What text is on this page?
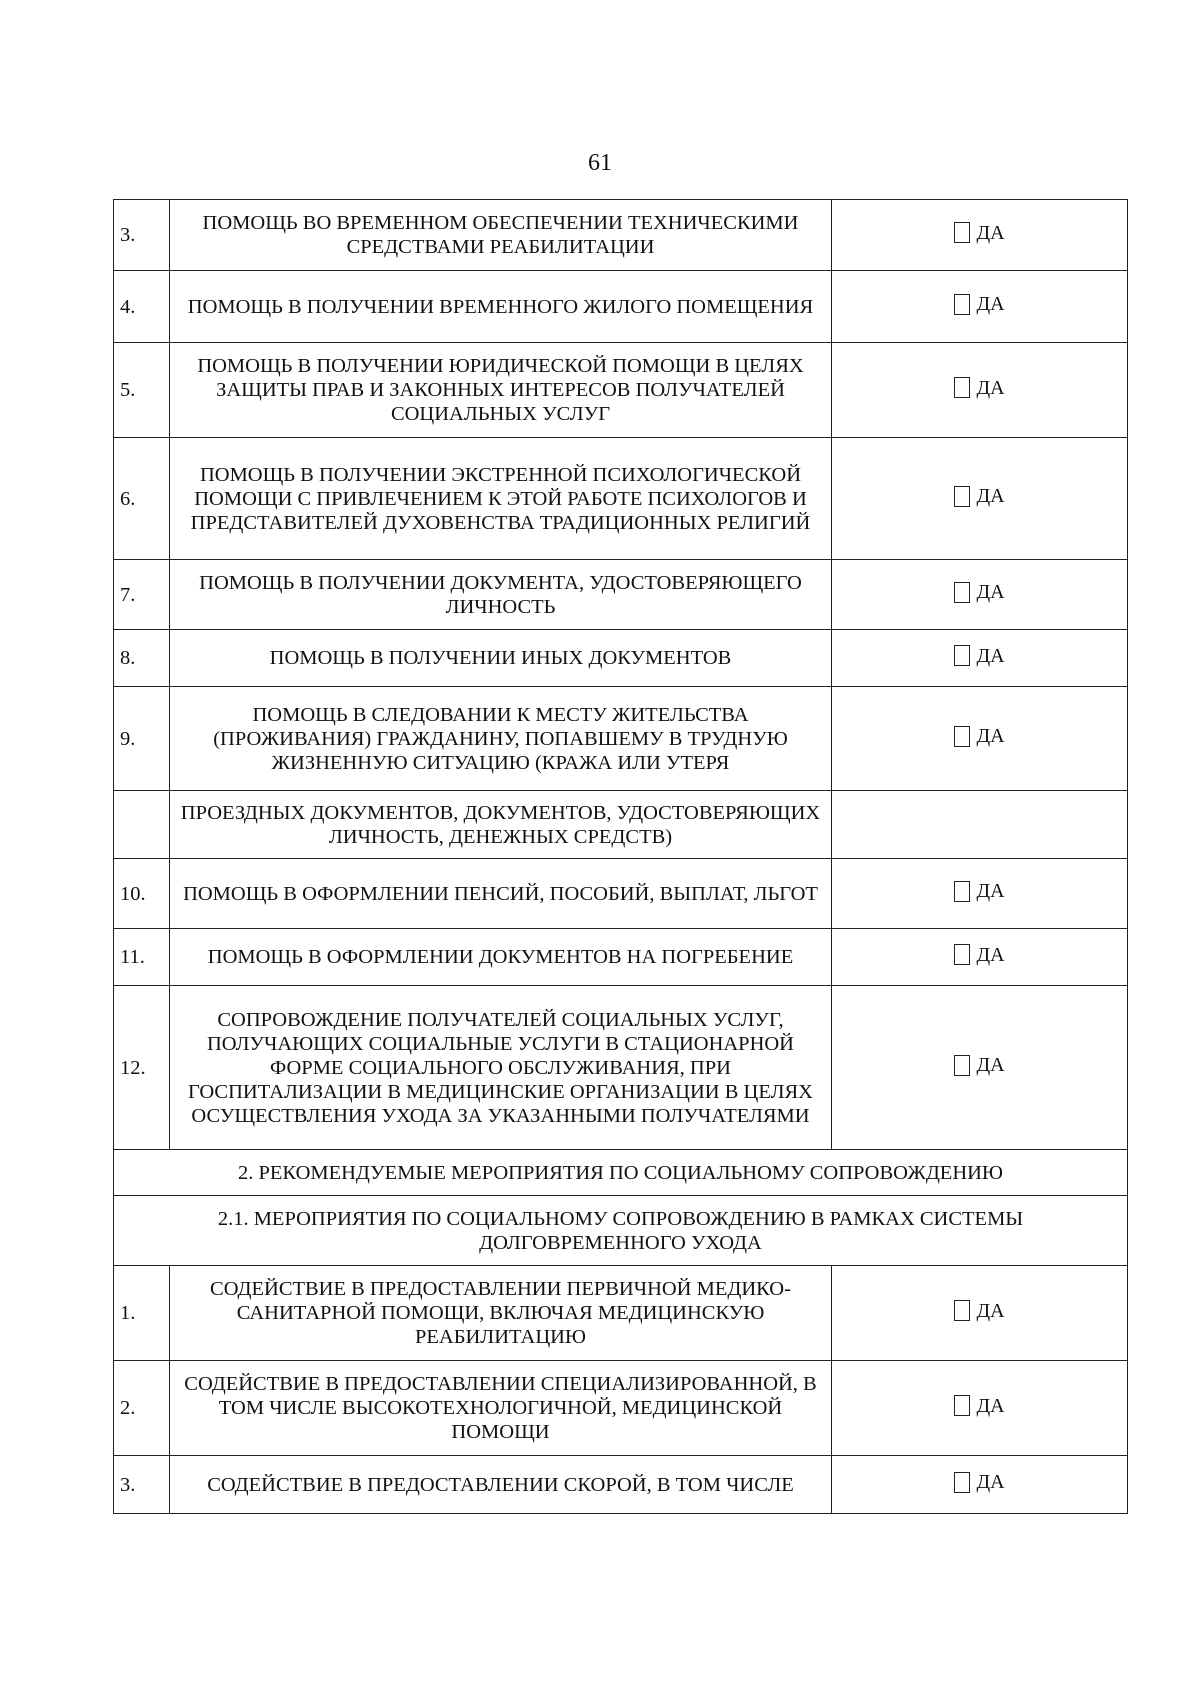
61
3.	ПОМОЩЬ ВО ВРЕМЕННОМ ОБЕСПЕЧЕНИИ ТЕХНИЧЕСКИМИ СРЕДСТВАМИ РЕАБИЛИТАЦИИ	ДА

4.	ПОМОЩЬ В ПОЛУЧЕНИИ ВРЕМЕННОГО ЖИЛОГО ПОМЕЩЕНИЯ	ДА

5.	ПОМОЩЬ В ПОЛУЧЕНИИ ЮРИДИЧЕСКОЙ ПОМОЩИ В ЦЕЛЯХ ЗАЩИТЫ ПРАВ И ЗАКОННЫХ ИНТЕРЕСОВ ПОЛУЧАТЕЛЕЙ СОЦИАЛЬНЫХ УСЛУГ	ДА

6.	ПОМОЩЬ В ПОЛУЧЕНИИ ЭКСТРЕННОЙ ПСИХОЛОГИЧЕСКОЙ ПОМОЩИ С ПРИВЛЕЧЕНИЕМ К ЭТОЙ РАБОТЕ ПСИХОЛОГОВ И ПРЕДСТАВИТЕЛЕЙ ДУХОВЕНСТВА ТРАДИЦИОННЫХ РЕЛИГИЙ	ДА

7.	ПОМОЩЬ В ПОЛУЧЕНИИ ДОКУМЕНТА, УДОСТОВЕРЯЮЩЕГО ЛИЧНОСТЬ	ДА

8.	ПОМОЩЬ В ПОЛУЧЕНИИ ИНЫХ ДОКУМЕНТОВ	ДА

9.	ПОМОЩЬ В СЛЕДОВАНИИ К МЕСТУ ЖИТЕЛЬСТВА (ПРОЖИВАНИЯ) ГРАЖДАНИНУ, ПОПАВШЕМУ В ТРУДНУЮ ЖИЗНЕННУЮ СИТУАЦИЮ (КРАЖА ИЛИ УТЕРЯ	ДА

	ПРОЕЗДНЫХ ДОКУМЕНТОВ, ДОКУМЕНТОВ, УДОСТОВЕРЯЮЩИХ ЛИЧНОСТЬ, ДЕНЕЖНЫХ СРЕДСТВ)	
10.	ПОМОЩЬ В ОФОРМЛЕНИИ ПЕНСИЙ, ПОСОБИЙ, ВЫПЛАТ, ЛЬГОТ	ДА

11.	ПОМОЩЬ В ОФОРМЛЕНИИ ДОКУМЕНТОВ НА ПОГРЕБЕНИЕ	ДА

12.	СОПРОВОЖДЕНИЕ ПОЛУЧАТЕЛЕЙ СОЦИАЛЬНЫХ УСЛУГ, ПОЛУЧАЮЩИХ СОЦИАЛЬНЫЕ УСЛУГИ В СТАЦИОНАРНОЙ ФОРМЕ СОЦИАЛЬНОГО ОБСЛУЖИВАНИЯ, ПРИ ГОСПИТАЛИЗАЦИИ В МЕДИЦИНСКИЕ ОРГАНИЗАЦИИ В ЦЕЛЯХ ОСУЩЕСТВЛЕНИЯ УХОДА ЗА УКАЗАННЫМИ ПОЛУЧАТЕЛЯМИ	ДА

2. РЕКОМЕНДУЕМЫЕ МЕРОПРИЯТИЯ ПО СОЦИАЛЬНОМУ СОПРОВОЖДЕНИЮ		
2.1. МЕРОПРИЯТИЯ ПО СОЦИАЛЬНОМУ СОПРОВОЖДЕНИЮ В РАМКАХ СИСТЕМЫ ДОЛГОВРЕМЕННОГО УХОДА		
1.	СОДЕЙСТВИЕ В ПРЕДОСТАВЛЕНИИ ПЕРВИЧНОЙ МЕДИКО-САНИТАРНОЙ ПОМОЩИ, ВКЛЮЧАЯ МЕДИЦИНСКУЮ РЕАБИЛИТАЦИЮ	ДА

2.	СОДЕЙСТВИЕ В ПРЕДОСТАВЛЕНИИ СПЕЦИАЛИЗИРОВАННОЙ, В ТОМ ЧИСЛЕ ВЫСОКОТЕХНОЛОГИЧНОЙ, МЕДИЦИНСКОЙ ПОМОЩИ	ДА

3.	СОДЕЙСТВИЕ В ПРЕДОСТАВЛЕНИИ СКОРОЙ, В ТОМ ЧИСЛЕ	ДА
